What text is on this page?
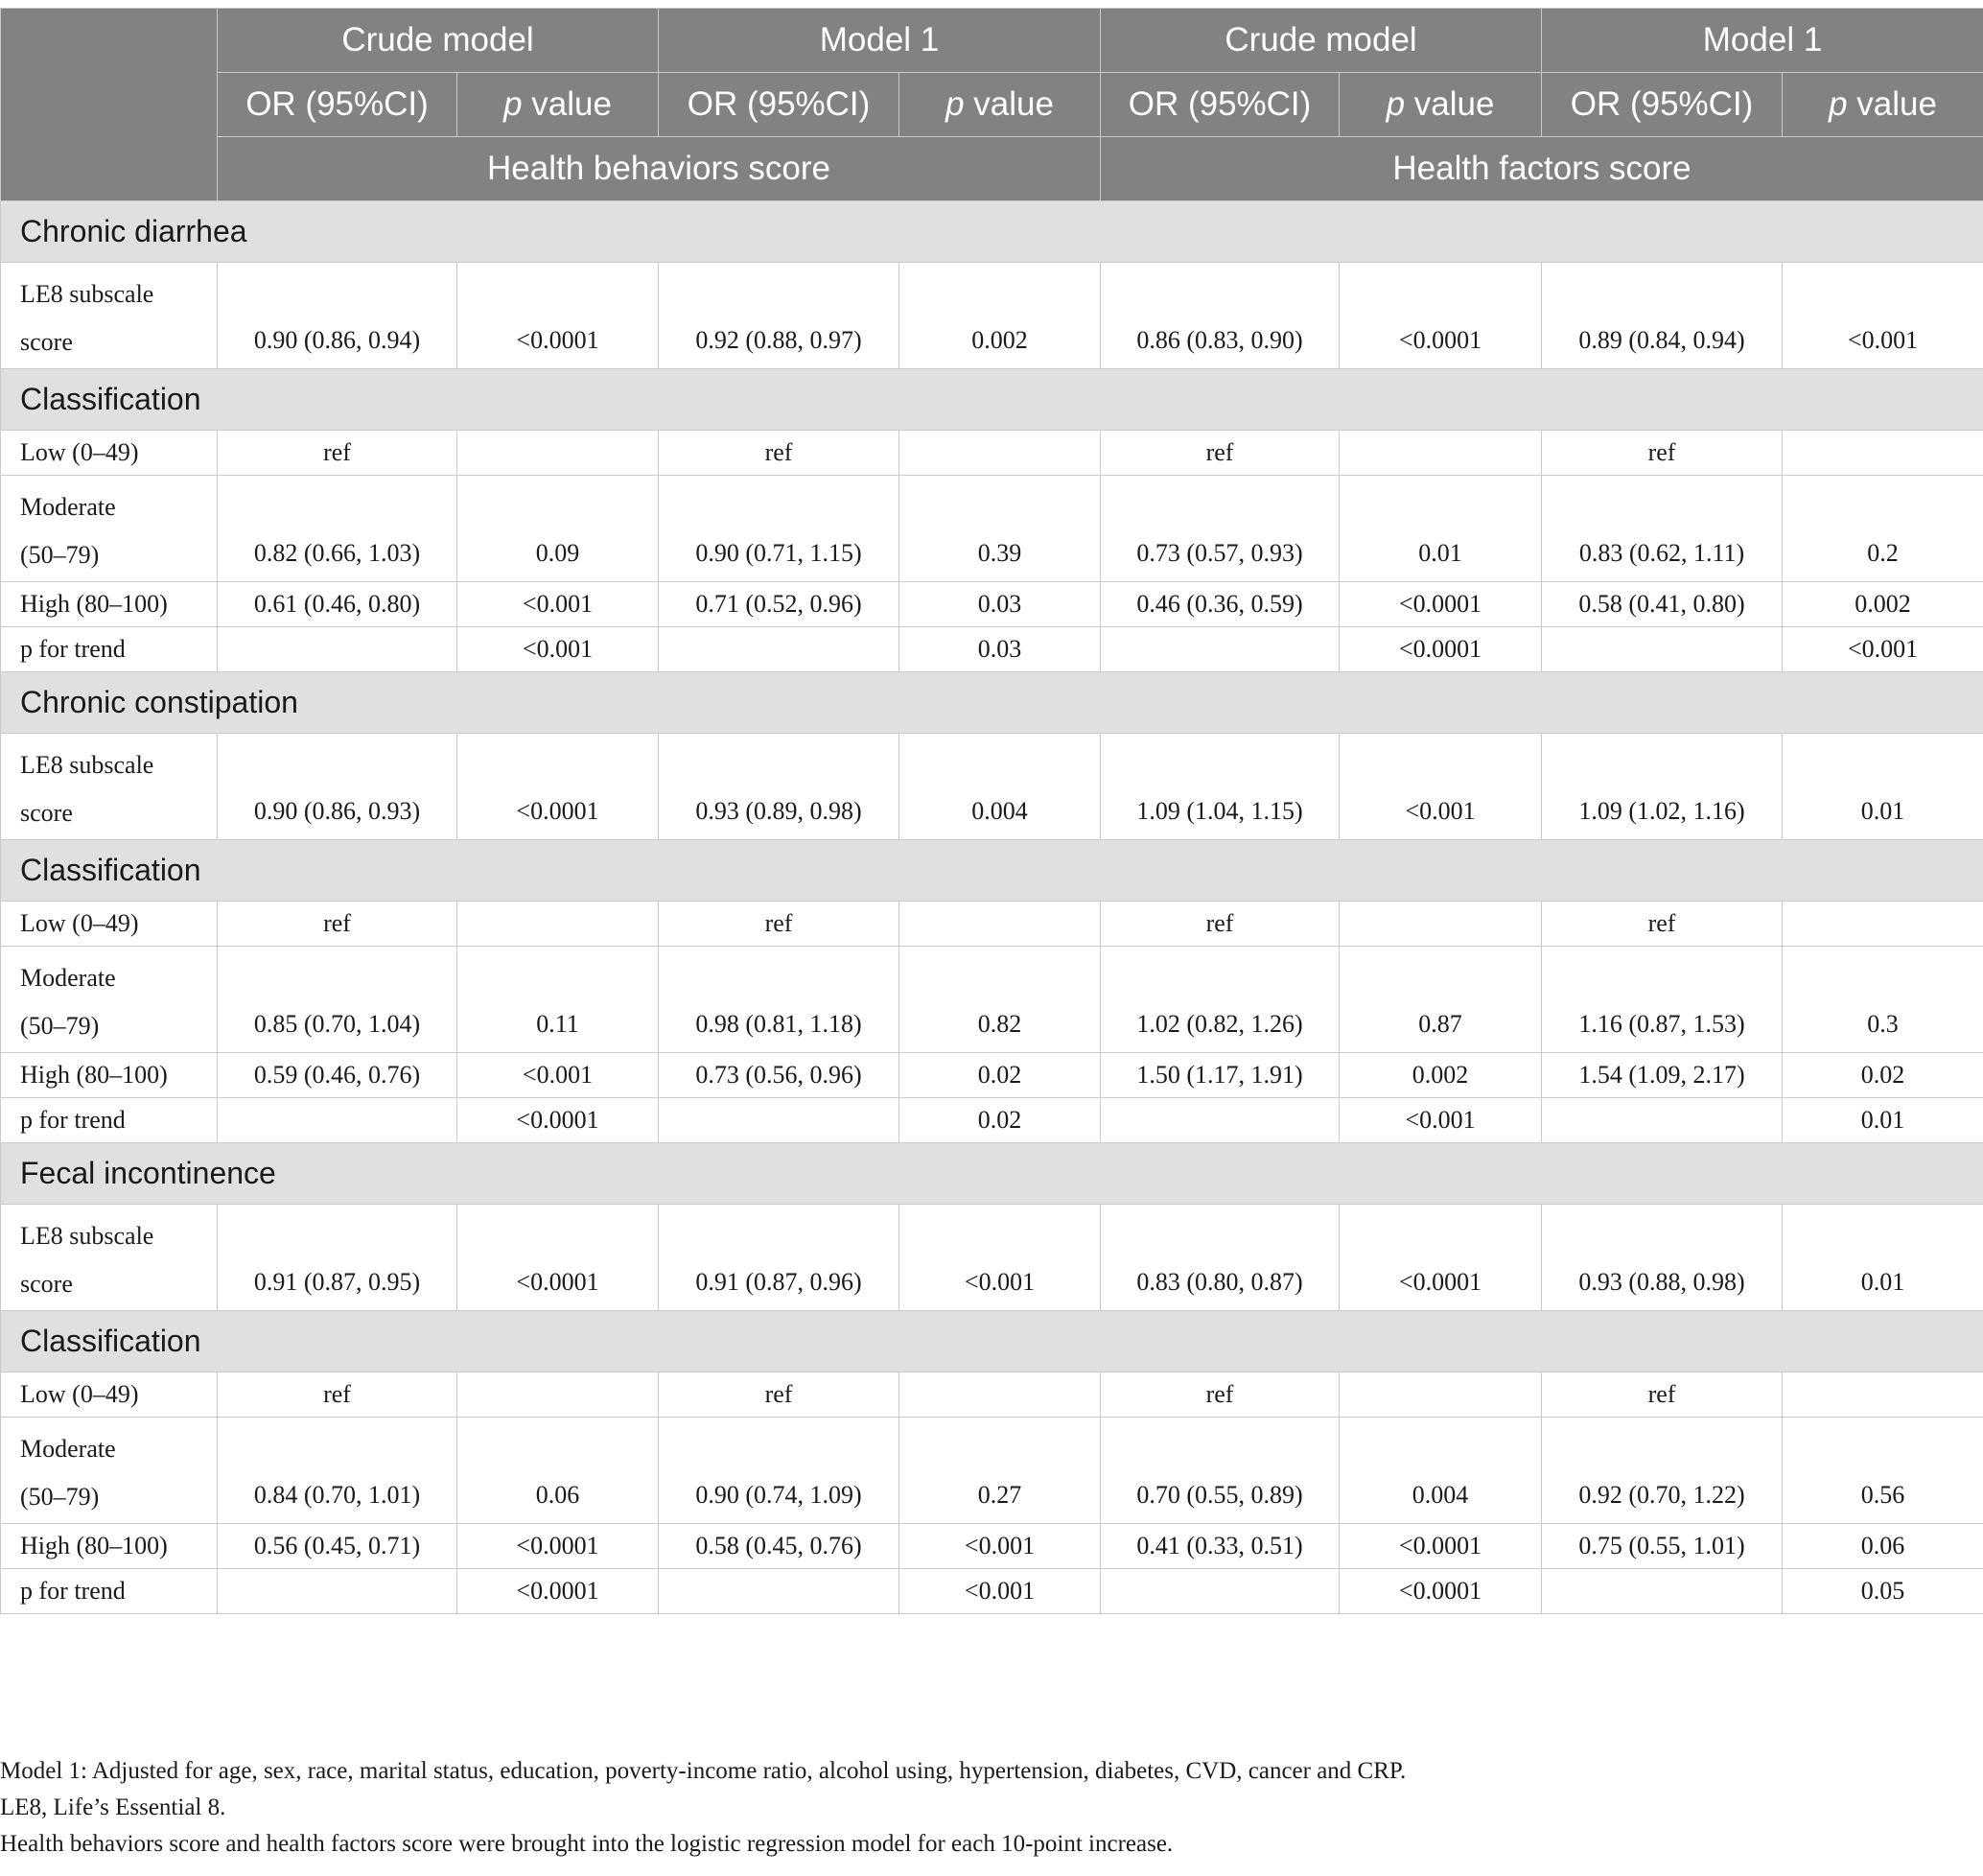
	Crude model		Model 1		Crude model		Model 1	
	OR (95%CI)	p value	OR (95%CI)	p value	OR (95%CI)	p value	OR (95%CI)	p value
	Health behaviors score				Health factors score			
Chronic diarrhea								

LE8 subscale
score	0.90 (0.86, 0.94)	<0.0001	0.92 (0.88, 0.97)	0.002	0.86 (0.83, 0.90)	<0.0001	0.89 (0.84, 0.94)	<0.001
Classification								
Low (0–49)	ref		ref		ref		ref	

Moderate
(50–79)	0.82 (0.66, 1.03)	0.09	0.90 (0.71, 1.15)	0.39	0.73 (0.57, 0.93)	0.01	0.83 (0.62, 1.11)	0.2
High (80–100)	0.61 (0.46, 0.80)	<0.001	0.71 (0.52, 0.96)	0.03	0.46 (0.36, 0.59)	<0.0001	0.58 (0.41, 0.80)	0.002
p for trend		<0.001		0.03		<0.0001		<0.001
Chronic constipation								

LE8 subscale
score	0.90 (0.86, 0.93)	<0.0001	0.93 (0.89, 0.98)	0.004	1.09 (1.04, 1.15)	<0.001	1.09 (1.02, 1.16)	0.01
Classification								
Low (0–49)	ref		ref		ref		ref	

Moderate
(50–79)	0.85 (0.70, 1.04)	0.11	0.98 (0.81, 1.18)	0.82	1.02 (0.82, 1.26)	0.87	1.16 (0.87, 1.53)	0.3
High (80–100)	0.59 (0.46, 0.76)	<0.001	0.73 (0.56, 0.96)	0.02	1.50 (1.17, 1.91)	0.002	1.54 (1.09, 2.17)	0.02
p for trend		<0.0001		0.02		<0.001		0.01
Fecal incontinence								

LE8 subscale
score	0.91 (0.87, 0.95)	<0.0001	0.91 (0.87, 0.96)	<0.001	0.83 (0.80, 0.87)	<0.0001	0.93 (0.88, 0.98)	0.01
Classification								
Low (0–49)	ref		ref		ref		ref	

Moderate
(50–79)	0.84 (0.70, 1.01)	0.06	0.90 (0.74, 1.09)	0.27	0.70 (0.55, 0.89)	0.004	0.92 (0.70, 1.22)	0.56
High (80–100)	0.56 (0.45, 0.71)	<0.0001	0.58 (0.45, 0.76)	<0.001	0.41 (0.33, 0.51)	<0.0001	0.75 (0.55, 1.01)	0.06
p for trend		<0.0001		<0.001		<0.0001		0.05
Model 1: Adjusted for age, sex, race, marital status, education, poverty-income ratio, alcohol using, hypertension, diabetes, CVD, cancer and CRP.
LE8, Life’s Essential 8.
Health behaviors score and health factors score were brought into the logistic regression model for each 10-point increase.
